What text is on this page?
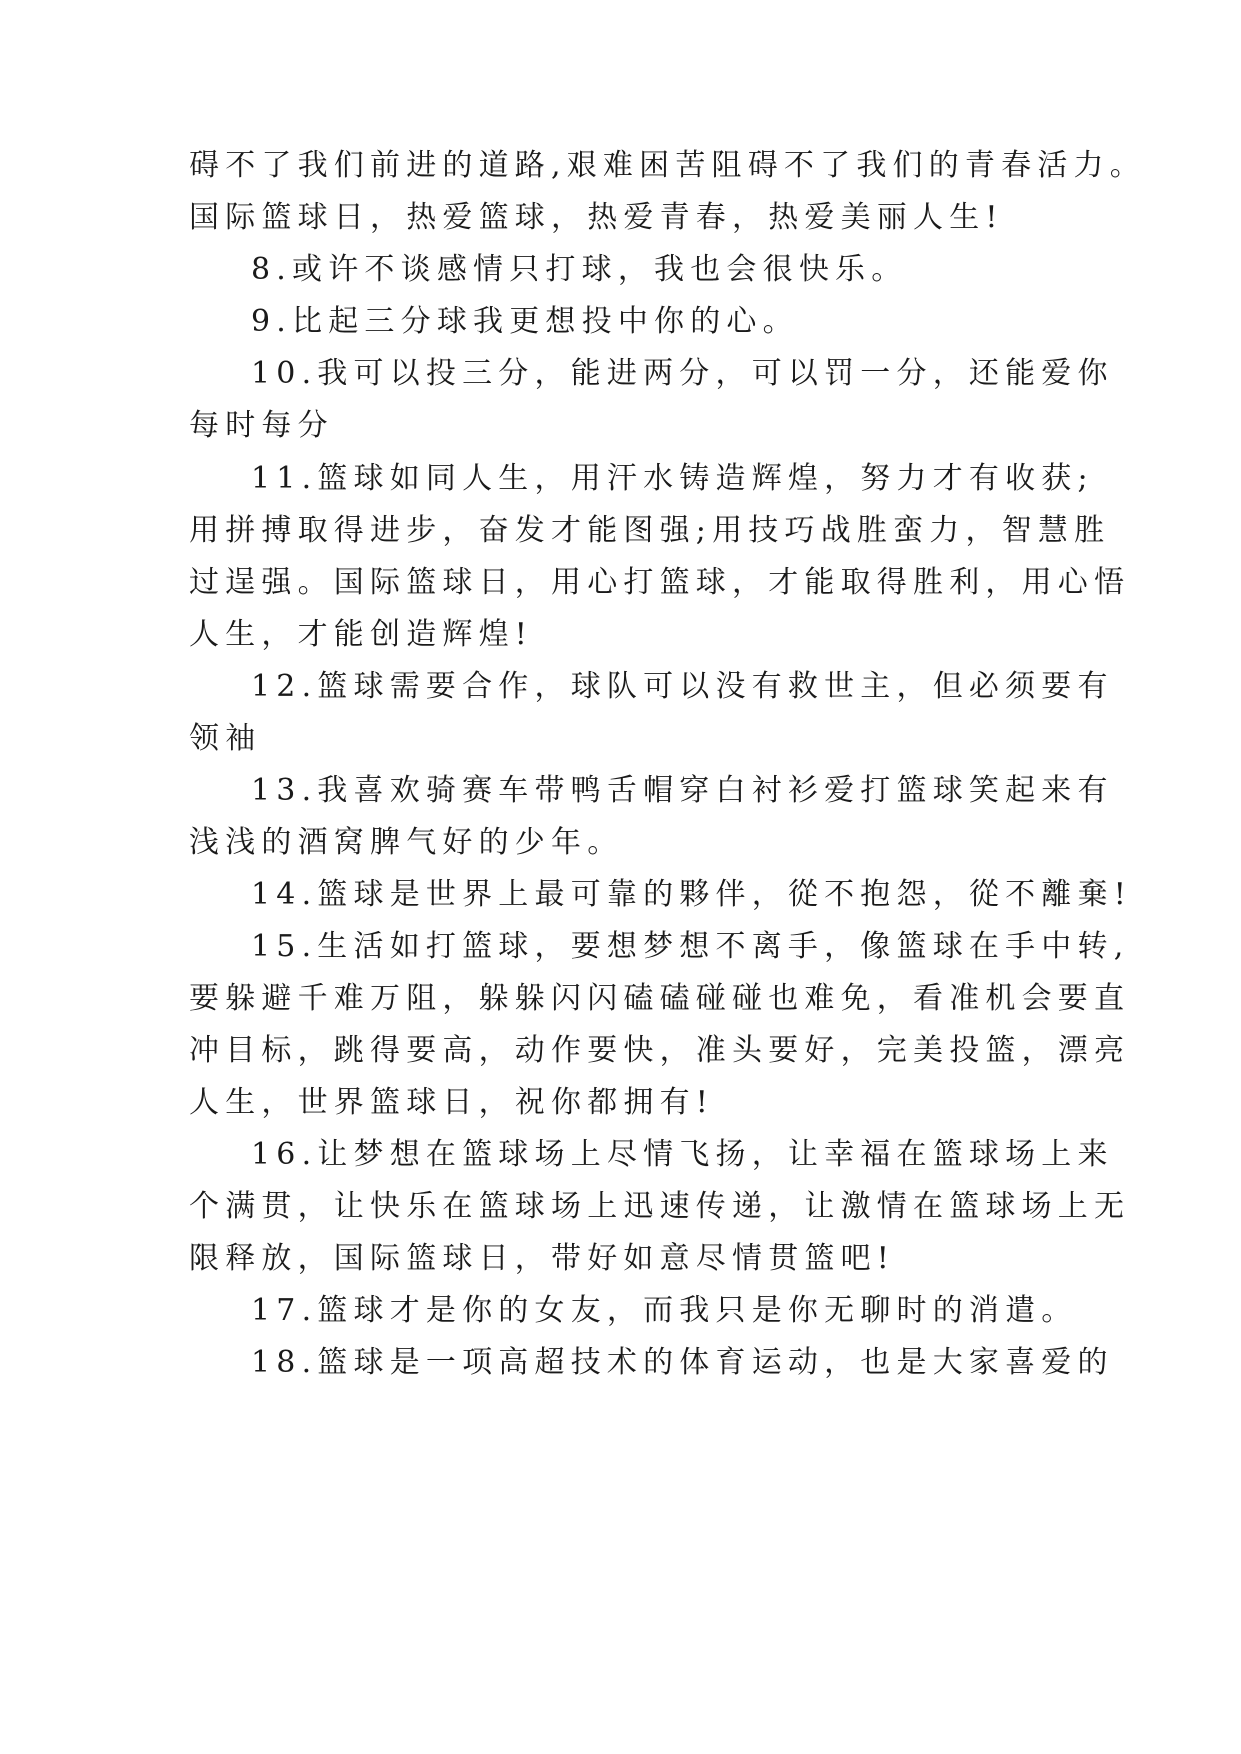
碍不了我们前进的道路,艰难困苦阻碍不了我们的青春活力。
国际篮球日，热爱篮球，热爱青春，热爱美丽人生!
8.或许不谈感情只打球，我也会很快乐。
9.比起三分球我更想投中你的心。
10.我可以投三分，能进两分，可以罚一分，还能爱你
每时每分
11.篮球如同人生，用汗水铸造辉煌，努力才有收获;
用拼搏取得进步，奋发才能图强;用技巧战胜蛮力，智慧胜
过逞强。国际篮球日，用心打篮球，才能取得胜利，用心悟
人生，才能创造辉煌!
12.篮球需要合作，球队可以没有救世主，但必须要有
领袖
13.我喜欢骑赛车带鸭舌帽穿白衬衫爱打篮球笑起来有
浅浅的酒窝脾气好的少年。
14.篮球是世界上最可靠的夥伴，從不抱怨，從不離棄!
15.生活如打篮球，要想梦想不离手，像篮球在手中转,
要躲避千难万阻，躲躲闪闪磕磕碰碰也难免，看准机会要直
冲目标，跳得要高，动作要快，准头要好，完美投篮，漂亮
人生，世界篮球日，祝你都拥有!
16.让梦想在篮球场上尽情飞扬，让幸福在篮球场上来
个满贯，让快乐在篮球场上迅速传递，让激情在篮球场上无
限释放，国际篮球日，带好如意尽情贯篮吧!
17.篮球才是你的女友，而我只是你无聊时的消遣。
18.篮球是一项高超技术的体育运动，也是大家喜爱的
